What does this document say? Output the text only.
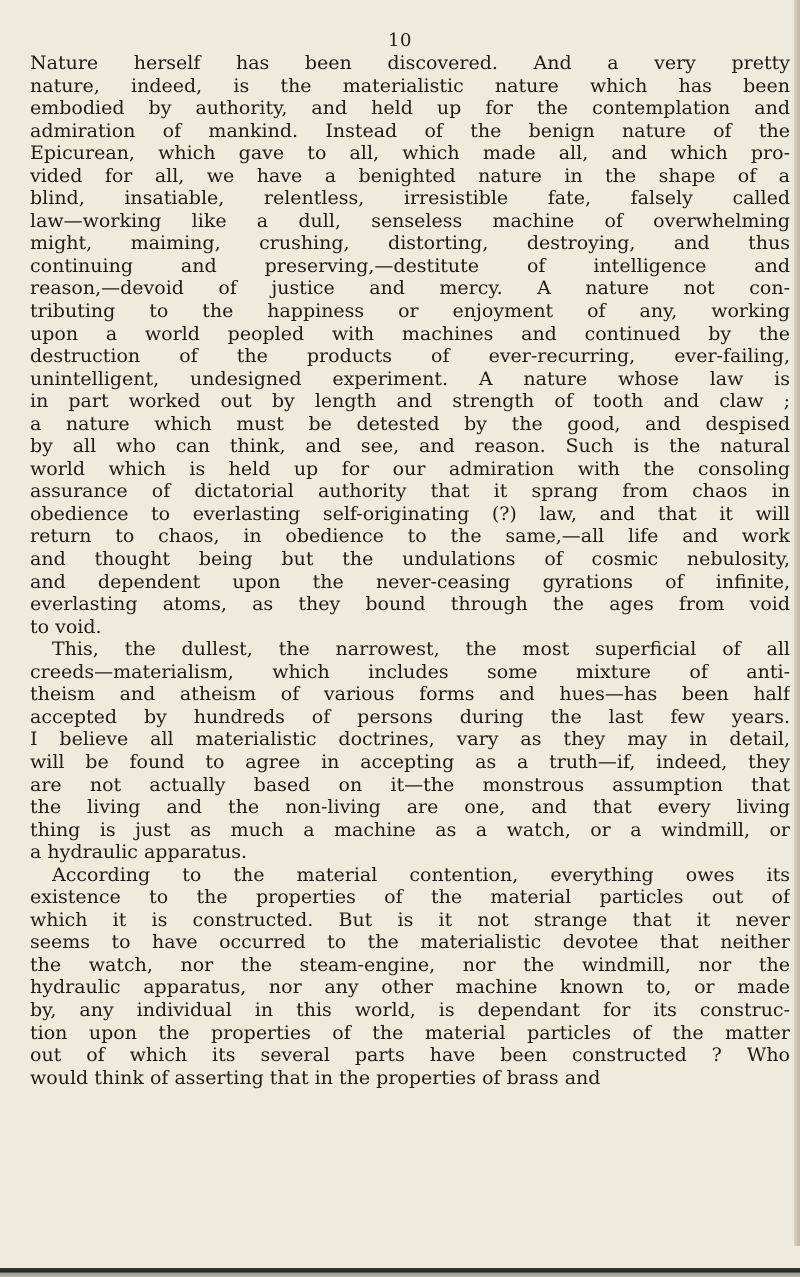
10
Nature herself has been discovered. And a very pretty
nature, indeed, is the materialistic nature which has been
embodied by authority, and held up for the contemplation and
admiration of mankind. Instead of the benign nature of the
Epicurean, which gave to all, which made all, and which pro-
vided for all, we have a benighted nature in the shape of a
blind, insatiable, relentless, irresistible fate, falsely called
law—working like a dull, senseless machine of overwhelming
might, maiming, crushing, distorting, destroying, and thus
continuing and preserving,—destitute of intelligence and
reason,—devoid of justice and mercy. A nature not con-
tributing to the happiness or enjoyment of any, working
upon a world peopled with machines and continued by the
destruction of the products of ever-recurring, ever-failing,
unintelligent, undesigned experiment. A nature whose law is
in part worked out by length and strength of tooth and claw ;
a nature which must be detested by the good, and despised
by all who can think, and see, and reason. Such is the natural
world which is held up for our admiration with the consoling
assurance of dictatorial authority that it sprang from chaos in
obedience to everlasting self-originating (?) law, and that it will
return to chaos, in obedience to the same,—all life and work
and thought being but the undulations of cosmic nebulosity,
and dependent upon the never-ceasing gyrations of infinite,
everlasting atoms, as they bound through the ages from void
to void.
This, the dullest, the narrowest, the most superficial of all
creeds—materialism, which includes some mixture of anti-
theism and atheism of various forms and hues—has been half
accepted by hundreds of persons during the last few years.
I believe all materialistic doctrines, vary as they may in detail,
will be found to agree in accepting as a truth—if, indeed, they
are not actually based on it—the monstrous assumption that
the living and the non-living are one, and that every living
thing is just as much a machine as a watch, or a windmill, or
a hydraulic apparatus.
According to the material contention, everything owes its
existence to the properties of the material particles out of
which it is constructed. But is it not strange that it never
seems to have occurred to the materialistic devotee that neither
the watch, nor the steam-engine, nor the windmill, nor the
hydraulic apparatus, nor any other machine known to, or made
by, any individual in this world, is dependant for its construc-
tion upon the properties of the material particles of the matter
out of which its several parts have been constructed ? Who
would think of asserting that in the properties of brass and
